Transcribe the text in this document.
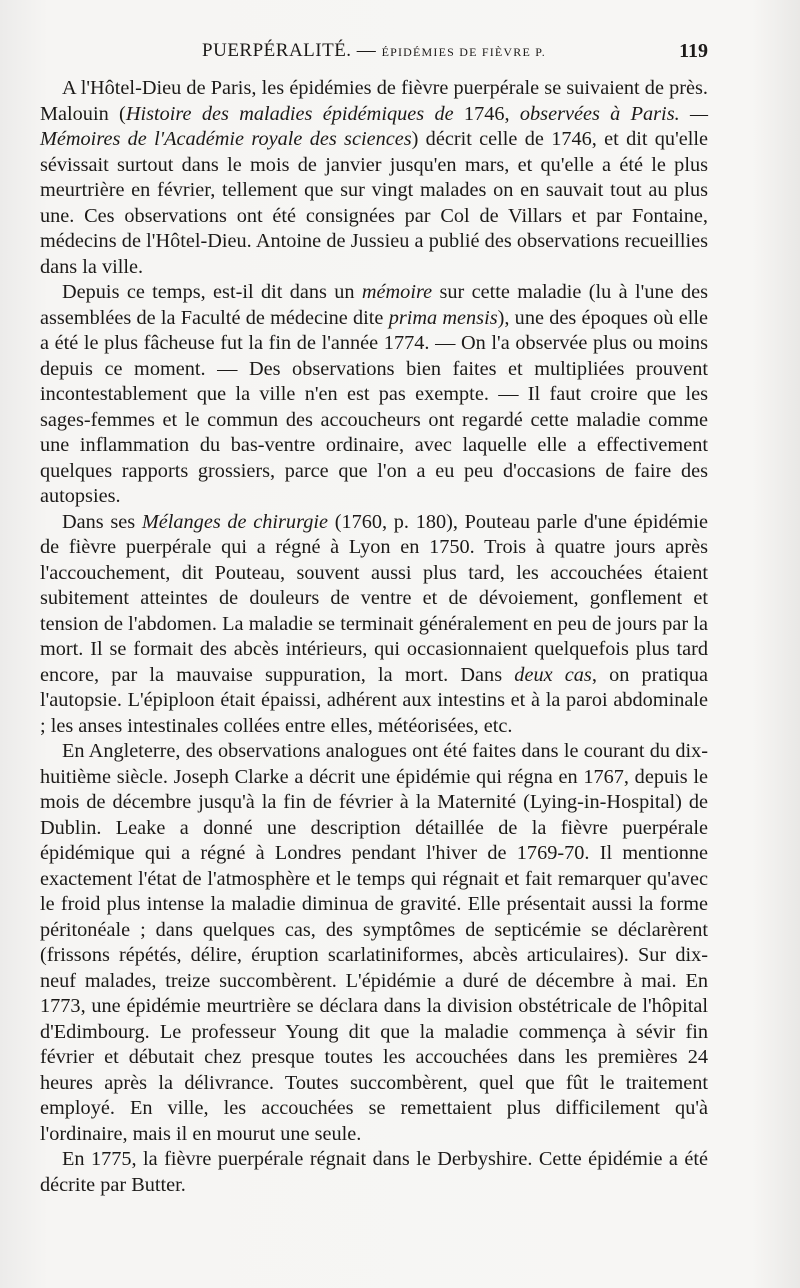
PUERPÉRALITÉ. — ÉPIDÉMIES DE FIÈVRE P.	119

A l'Hôtel-Dieu de Paris, les épidémies de fièvre puerpérale se suivaient de près. Malouin (Histoire des maladies épidémiques de 1746, observées à Paris. — Mémoires de l'Académie royale des sciences) décrit celle de 1746, et dit qu'elle sévissait surtout dans le mois de janvier jusqu'en mars, et qu'elle a été le plus meurtrière en février, tellement que sur vingt malades on en sauvait tout au plus une. Ces observations ont été consignées par Col de Villars et par Fontaine, médecins de l'Hôtel-Dieu. Antoine de Jussieu a publié des observations recueillies dans la ville.

Depuis ce temps, est-il dit dans un mémoire sur cette maladie (lu à l'une des assemblées de la Faculté de médecine dite prima mensis), une des époques où elle a été le plus fâcheuse fut la fin de l'année 1774. — On l'a observée plus ou moins depuis ce moment. — Des observations bien faites et multipliées prouvent incontestablement que la ville n'en est pas exempte. — Il faut croire que les sages-femmes et le commun des accoucheurs ont regardé cette maladie comme une inflammation du bas-ventre ordinaire, avec laquelle elle a effectivement quelques rapports grossiers, parce que l'on a eu peu d'occasions de faire des autopsies.

Dans ses Mélanges de chirurgie (1760, p. 180), Pouteau parle d'une épidémie de fièvre puerpérale qui a régné à Lyon en 1750. Trois à quatre jours après l'accouchement, dit Pouteau, souvent aussi plus tard, les accouchées étaient subitement atteintes de douleurs de ventre et de dévoiement, gonflement et tension de l'abdomen. La maladie se terminait généralement en peu de jours par la mort. Il se formait des abcès intérieurs, qui occasionnaient quelquefois plus tard encore, par la mauvaise suppuration, la mort. Dans deux cas, on pratiqua l'autopsie. L'épiploon était épaissi, adhérent aux intestins et à la paroi abdominale ; les anses intestinales collées entre elles, météorisées, etc.

En Angleterre, des observations analogues ont été faites dans le courant du dix-huitième siècle. Joseph Clarke a décrit une épidémie qui régna en 1767, depuis le mois de décembre jusqu'à la fin de février à la Maternité (Lying-in-Hospital) de Dublin. Leake a donné une description détaillée de la fièvre puerpérale épidémique qui a régné à Londres pendant l'hiver de 1769-70. Il mentionne exactement l'état de l'atmosphère et le temps qui régnait et fait remarquer qu'avec le froid plus intense la maladie diminua de gravité. Elle présentait aussi la forme péritonéale ; dans quelques cas, des symptômes de septicémie se déclarèrent (frissons répétés, délire, éruption scarlatiniformes, abcès articulaires). Sur dix-neuf malades, treize succombèrent. L'épidémie a duré de décembre à mai. En 1773, une épidémie meurtrière se déclara dans la division obstétricale de l'hôpital d'Edimbourg. Le professeur Young dit que la maladie commença à sévir fin février et débutait chez presque toutes les accouchées dans les premières 24 heures après la délivrance. Toutes succombèrent, quel que fût le traitement employé. En ville, les accouchées se remettaient plus difficilement qu'à l'ordinaire, mais il en mourut une seule.

En 1775, la fièvre puerpérale régnait dans le Derbyshire. Cette épidémie a été décrite par Butter.
